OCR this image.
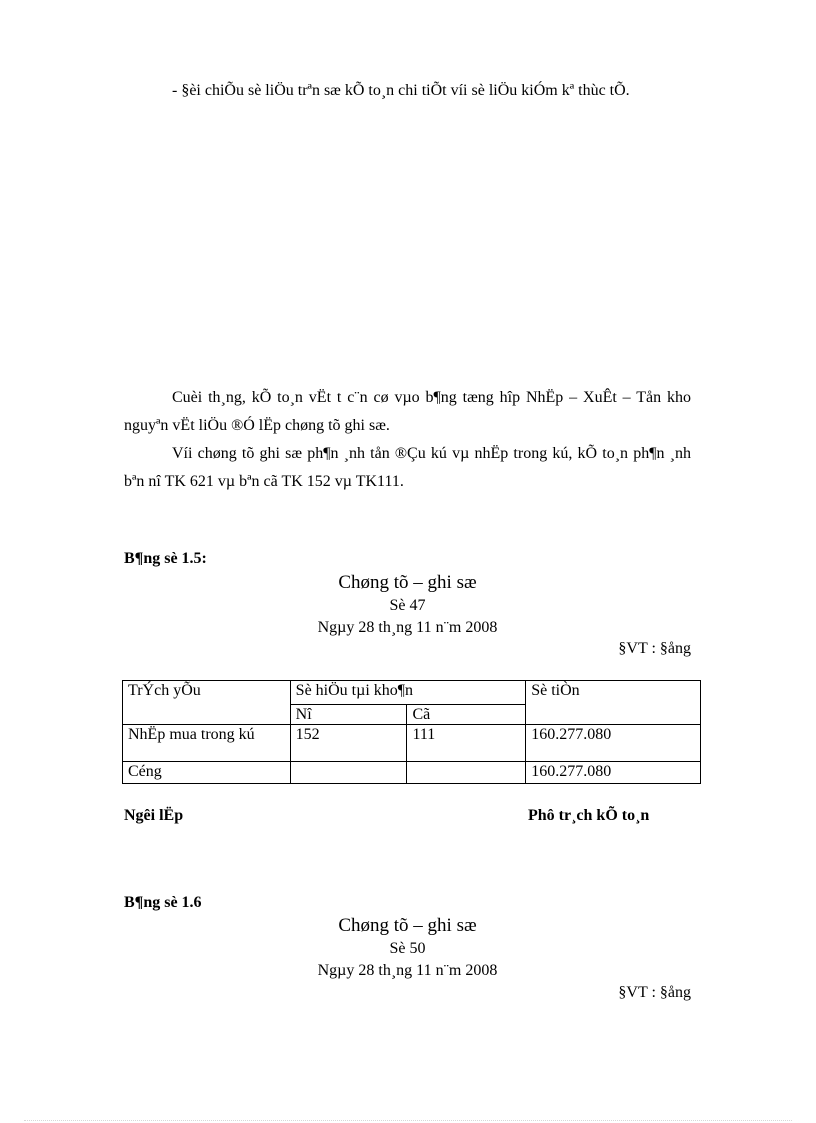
- §èi chiÕu sè liÖu trªn sæ kÕ to¸n chi tiÕt víi sè liÖu kiÓm kª thùc tÕ.

Cuèi th¸ng, kÕ to¸n vËt t c¨n cø vµo b¶ng tæng hîp NhËp – XuÊt – Tån kho nguyªn vËt liÖu ®Ó lËp chøng tõ ghi sæ.

Víi chøng tõ ghi sæ ph¶n ¸nh tån ®Çu kú vµ nhËp trong kú, kÕ to¸n ph¶n ¸nh bªn nî TK 621 vµ bªn cã TK 152 vµ TK111.

B¶ng sè 1.5:

Chøng tõ – ghi sæ

Sè 47

Ngµy 28 th¸ng 11 n¨m 2008

§VT : §ång

TrÝch yÕu	Sè hiÖu tµi kho¶n		Sè tiÒn
	Nî	Cã	
NhËp mua trong kú	152	111	160.277.080
Céng			160.277.080

Ngêi lËp	Phô tr¸ch kÕ to¸n

B¶ng sè 1.6

Chøng tõ – ghi sæ

Sè 50

Ngµy 28 th¸ng 11 n¨m 2008

§VT : §ång
